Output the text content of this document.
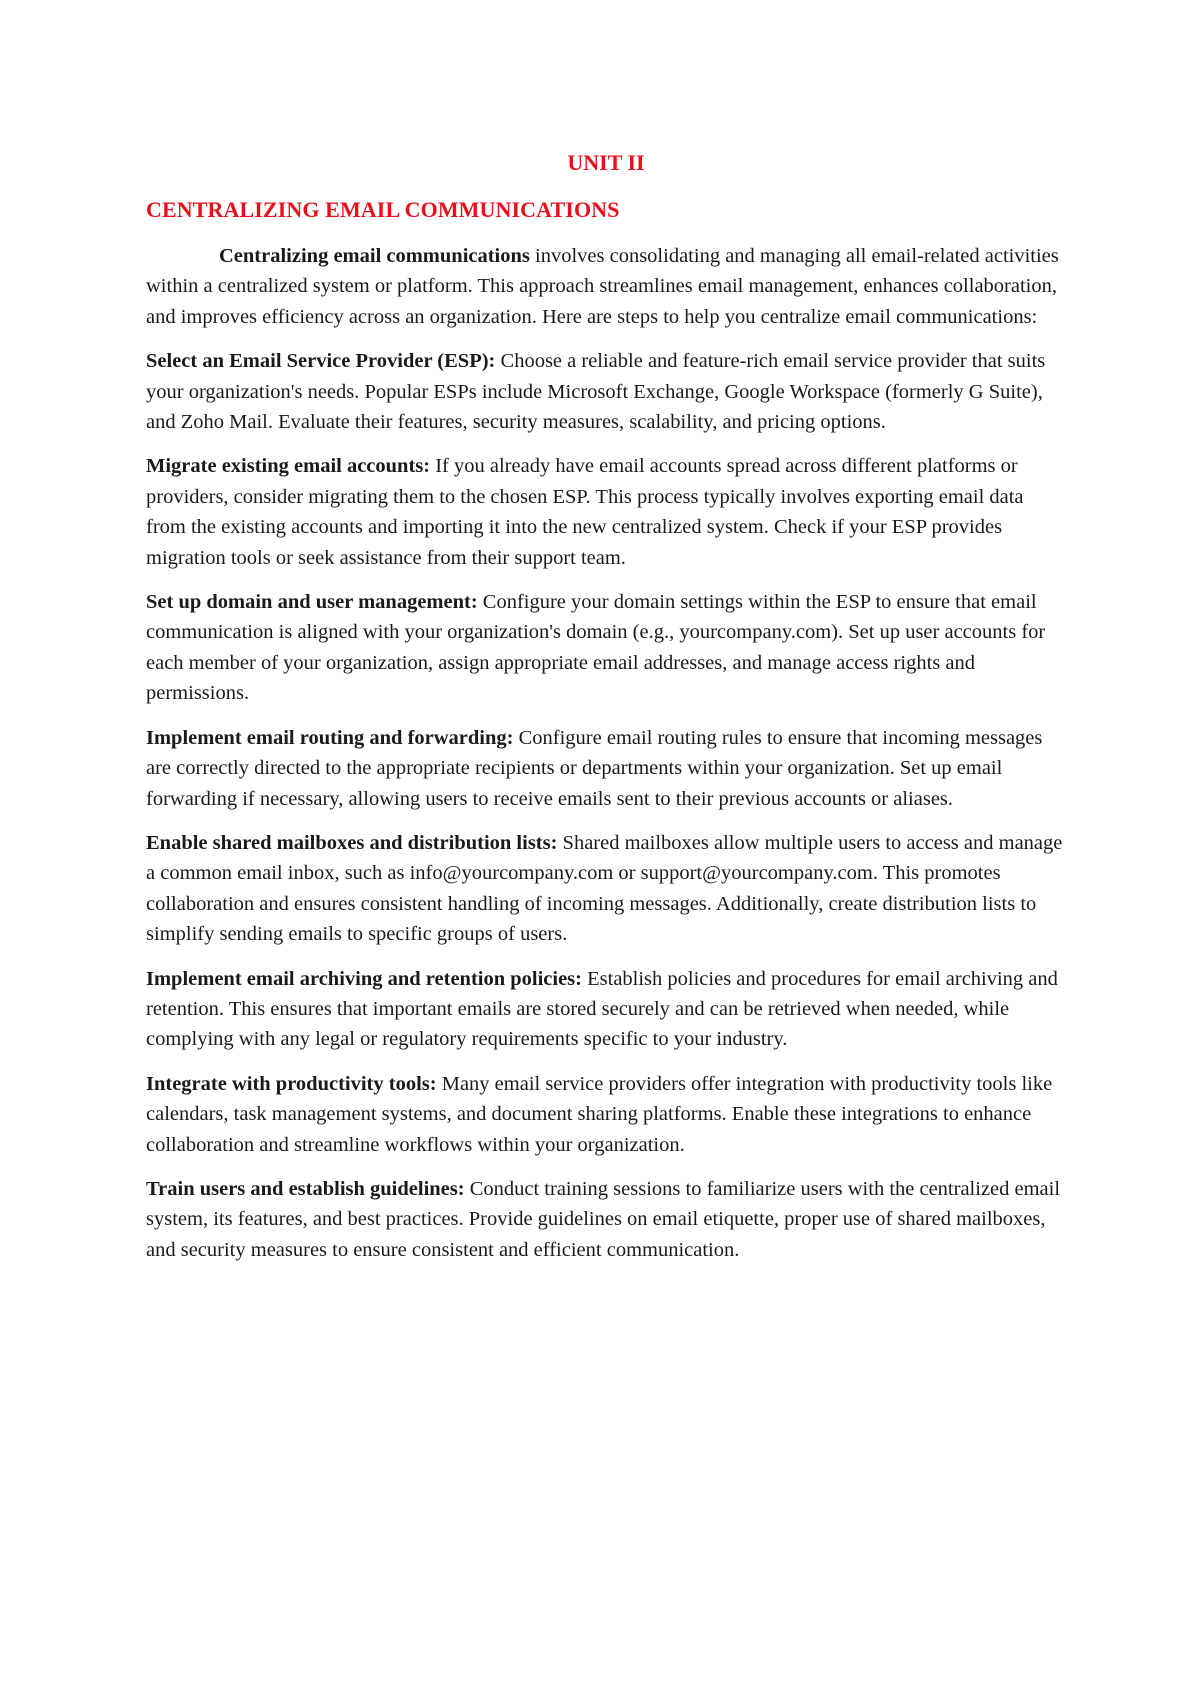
UNIT II
CENTRALIZING EMAIL COMMUNICATIONS

Centralizing email communications involves consolidating and managing all email-related activities within a centralized system or platform. This approach streamlines email management, enhances collaboration, and improves efficiency across an organization. Here are steps to help you centralize email communications:

Select an Email Service Provider (ESP): Choose a reliable and feature-rich email service provider that suits your organization's needs. Popular ESPs include Microsoft Exchange, Google Workspace (formerly G Suite), and Zoho Mail. Evaluate their features, security measures, scalability, and pricing options.

Migrate existing email accounts: If you already have email accounts spread across different platforms or providers, consider migrating them to the chosen ESP. This process typically involves exporting email data from the existing accounts and importing it into the new centralized system. Check if your ESP provides migration tools or seek assistance from their support team.

Set up domain and user management: Configure your domain settings within the ESP to ensure that email communication is aligned with your organization's domain (e.g., yourcompany.com). Set up user accounts for each member of your organization, assign appropriate email addresses, and manage access rights and permissions.

Implement email routing and forwarding: Configure email routing rules to ensure that incoming messages are correctly directed to the appropriate recipients or departments within your organization. Set up email forwarding if necessary, allowing users to receive emails sent to their previous accounts or aliases.

Enable shared mailboxes and distribution lists: Shared mailboxes allow multiple users to access and manage a common email inbox, such as info@yourcompany.com or support@yourcompany.com. This promotes collaboration and ensures consistent handling of incoming messages. Additionally, create distribution lists to simplify sending emails to specific groups of users.

Implement email archiving and retention policies: Establish policies and procedures for email archiving and retention. This ensures that important emails are stored securely and can be retrieved when needed, while complying with any legal or regulatory requirements specific to your industry.

Integrate with productivity tools: Many email service providers offer integration with productivity tools like calendars, task management systems, and document sharing platforms. Enable these integrations to enhance collaboration and streamline workflows within your organization.

Train users and establish guidelines: Conduct training sessions to familiarize users with the centralized email system, its features, and best practices. Provide guidelines on email etiquette, proper use of shared mailboxes, and security measures to ensure consistent and efficient communication.
